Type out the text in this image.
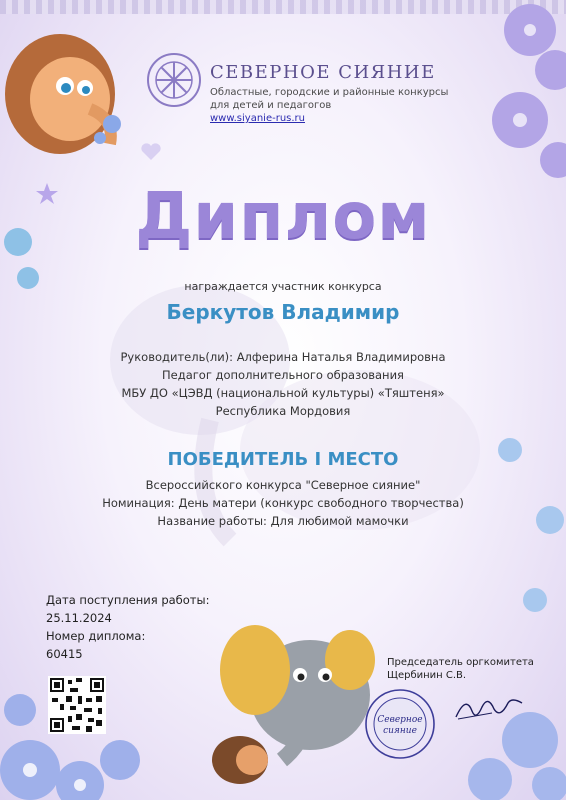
СЕВЕРНОЕ СИЯНИЕ
Областные, городские и районные конкурсы
для детей и педагогов
www.siyanie-rus.ru
Диплом
награждается участник конкурса
Беркутов Владимир
Руководитель(ли): Алферина Наталья Владимировна
Педагог дополнительного образования
МБУ ДО «ЦЭВД (национальной культуры) «Тяштеня»
Республика Мордовия
ПОБЕДИТЕЛЬ I МЕСТО
Всероссийского конкурса "Северное сияние"
Номинация: День матери (конкурс свободного творчества)
Название работы: Для любимой мамочки
Дата поступления работы:
25.11.2024
Номер диплома:
60415
Председатель оргкомитета
Щербинин С.В.
Северное
сияние
